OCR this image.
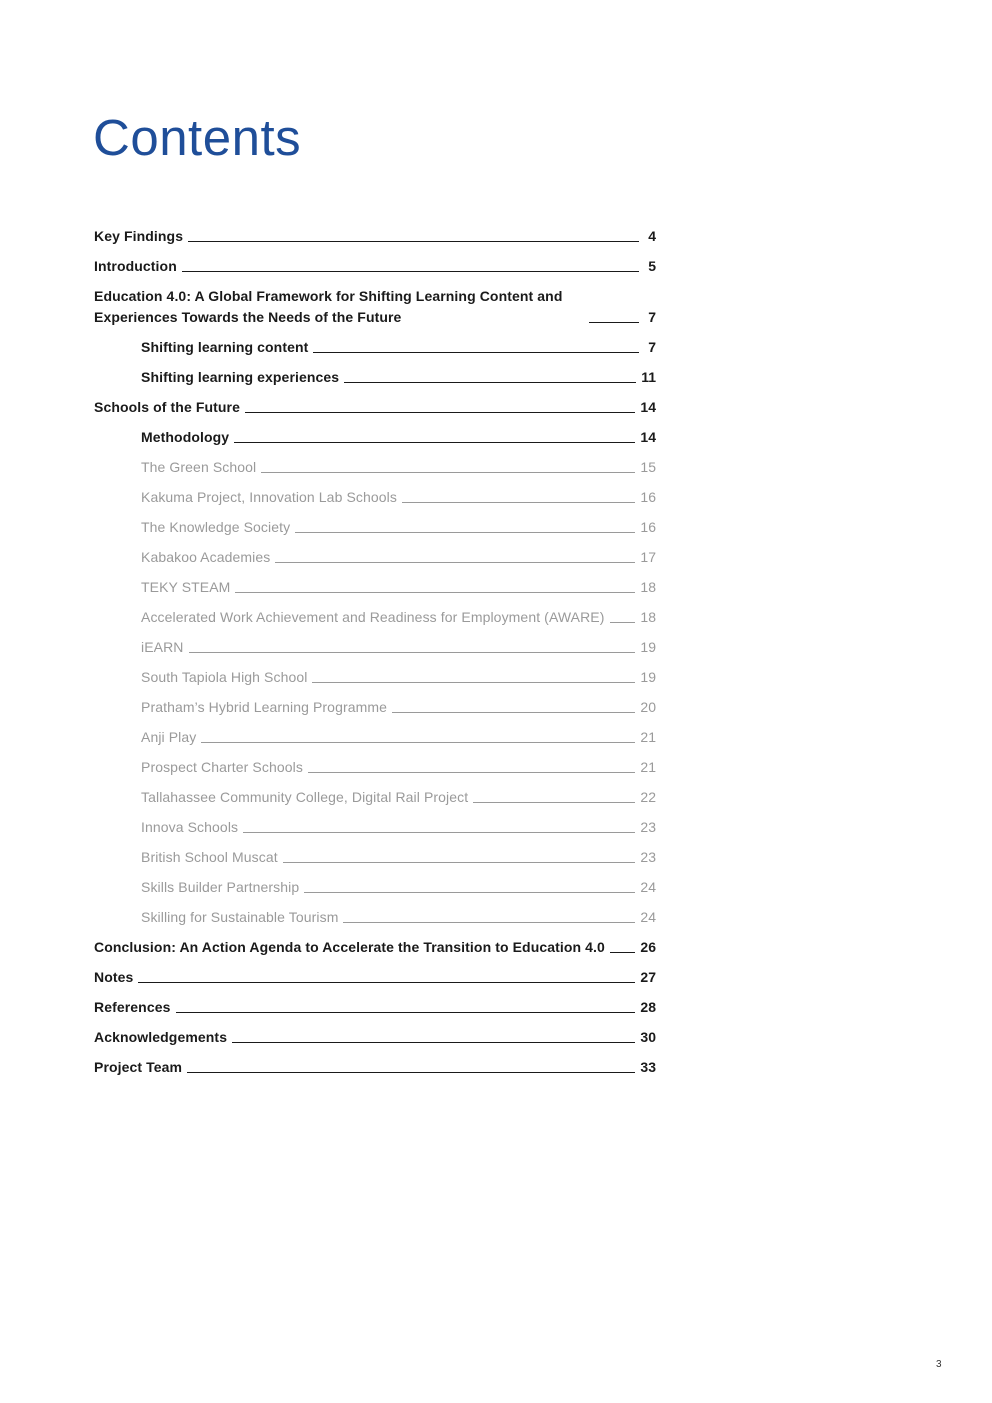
Contents
Key Findings	4
Introduction	5
Education 4.0: A Global Framework for Shifting Learning Content and Experiences Towards the Needs of the Future	7
Shifting learning content	7
Shifting learning experiences	11
Schools of the Future	14
Methodology	14
The Green School	15
Kakuma Project, Innovation Lab Schools	16
The Knowledge Society	16
Kabakoo Academies	17
TEKY STEAM	18
Accelerated Work Achievement and Readiness for Employment (AWARE)	18
iEARN	19
South Tapiola High School	19
Pratham’s Hybrid Learning Programme	20
Anji Play	21
Prospect Charter Schools	21
Tallahassee Community College, Digital Rail Project	22
Innova Schools	23
British School Muscat	23
Skills Builder Partnership	24
Skilling for Sustainable Tourism	24
Conclusion: An Action Agenda to Accelerate the Transition to Education 4.0	26
Notes	27
References	28
Acknowledgements	30
Project Team	33
3
